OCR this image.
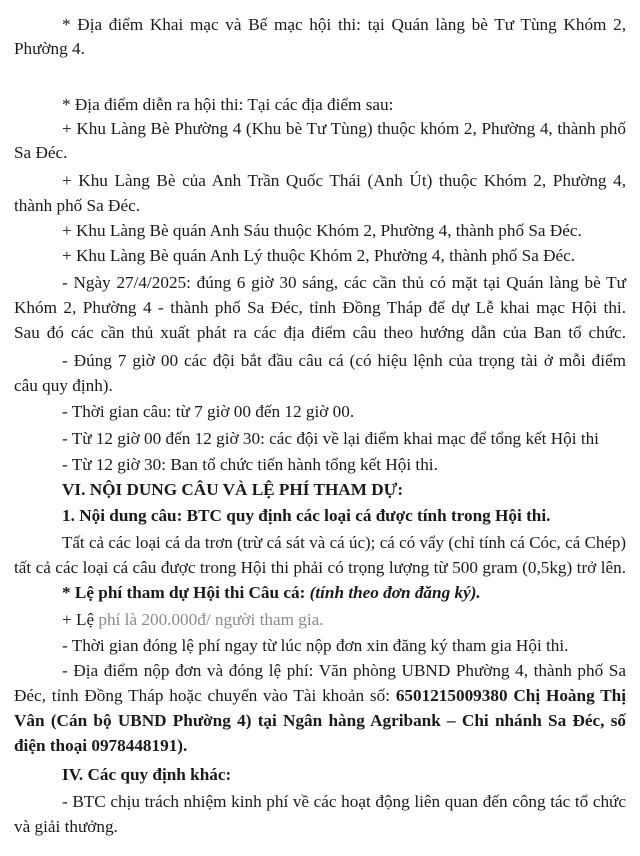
* Địa điểm Khai mạc và Bế mạc hội thi: tại Quán làng bè Tư Tùng Khóm 2,
Phường 4.
* Địa điểm diễn ra hội thi: Tại các địa điểm sau:
+ Khu Làng Bè Phường 4 (Khu bè Tư Tùng) thuộc khóm 2, Phường 4, thành phố
Sa Đéc.
+ Khu Làng Bè của Anh Trần Quốc Thái (Anh Út) thuộc Khóm 2, Phường 4,
thành phố Sa Đéc.
+ Khu Làng Bè quán Anh Sáu thuộc Khóm 2, Phường 4, thành phố Sa Đéc.
+ Khu Làng Bè quán Anh Lý thuộc Khóm 2, Phường 4, thành phố Sa Đéc.
- Ngày 27/4/2025: đúng 6 giờ 30 sáng, các cần thủ có mặt tại Quán làng bè Tư
Khóm 2, Phường 4 - thành phố Sa Đéc, tỉnh Đồng Tháp để dự Lễ khai mạc Hội thi.
Sau đó các cần thủ xuất phát ra các địa điểm câu theo hướng dẫn của Ban tổ chức.
- Đúng 7 giờ 00 các đội bắt đầu câu cá (có hiệu lệnh của trọng tài ở mỗi điểm
câu quy định).
- Thời gian câu: từ 7 giờ 00 đến 12 giờ 00.
- Từ 12 giờ 00 đến 12 giờ 30: các đội về lại điểm khai mạc để tổng kết Hội thi
- Từ 12 giờ 30: Ban tổ chức tiến hành tổng kết Hội thi.
VI. NỘI DUNG CÂU VÀ LỆ PHÍ THAM DỰ:
1. Nội dung câu: BTC quy định các loại cá được tính trong Hội thi.
Tất cả các loại cá da trơn (trừ cá sát và cá úc); cá có vẩy (chỉ tính cá Cóc, cá Chép)
tất cả các loại cá câu được trong Hội thi phải có trọng lượng từ 500 gram (0,5kg) trở lên.
* Lệ phí tham dự Hội thi Câu cá: (tính theo đơn đăng ký).
+ Lệ phí là 200.000đ/ người tham gia.
- Thời gian đóng lệ phí ngay từ lúc nộp đơn xin đăng ký tham gia Hội thi.
- Địa điểm nộp đơn và đóng lệ phí: Văn phòng UBND Phường 4, thành phố Sa
Đéc, tỉnh Đồng Tháp hoặc chuyển vào Tài khoản số: 6501215009380 Chị Hoàng Thị
Vân (Cán bộ UBND Phường 4) tại Ngân hàng Agribank – Chi nhánh Sa Đéc, số
điện thoại 0978448191).
IV. Các quy định khác:
- BTC chịu trách nhiệm kinh phí về các hoạt động liên quan đến công tác tổ chức
và giải thưởng.
